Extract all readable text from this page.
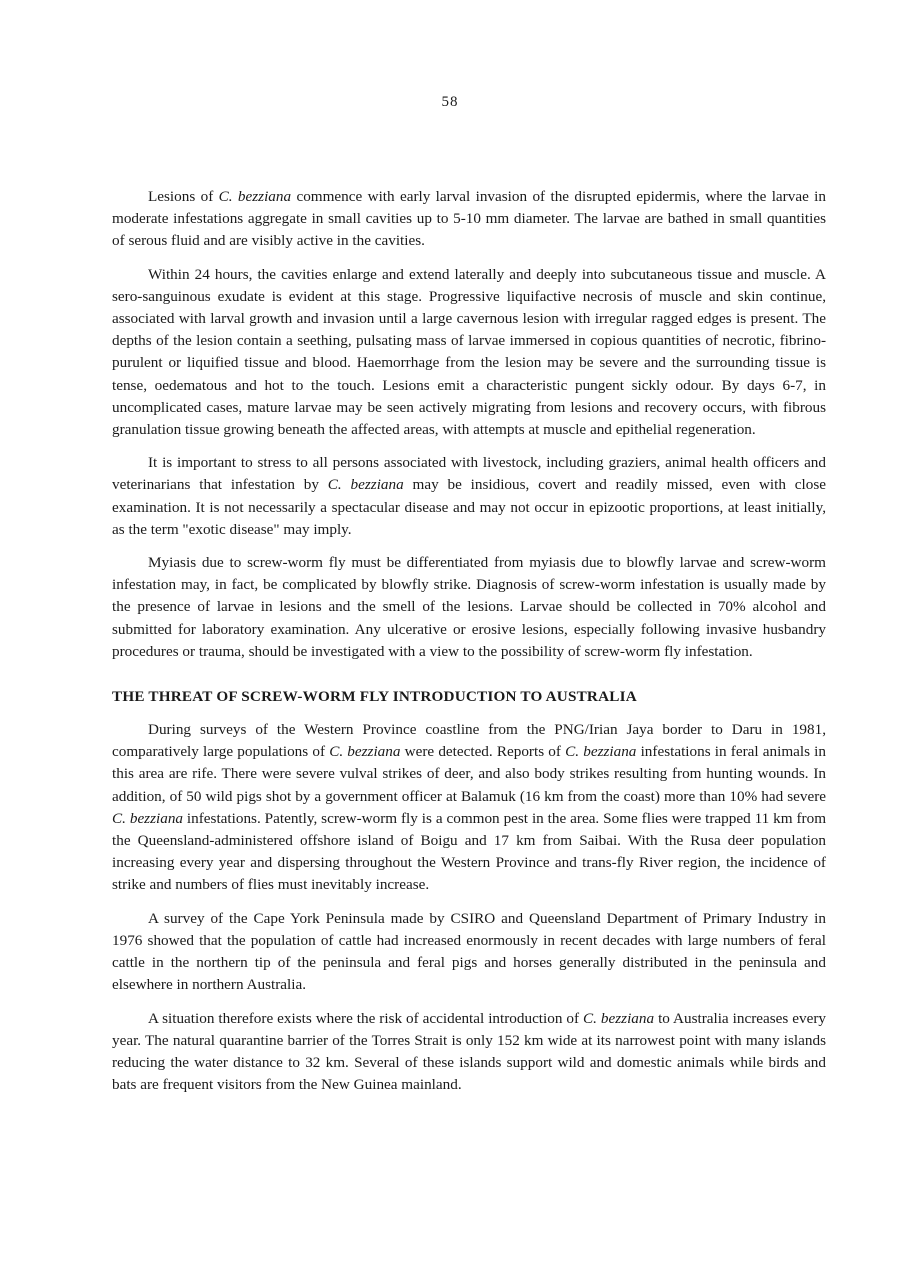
58

Lesions of C. bezziana commence with early larval invasion of the disrupted epidermis, where the larvae in moderate infestations aggregate in small cavities up to 5-10 mm diameter. The larvae are bathed in small quantities of serous fluid and are visibly active in the cavities.

Within 24 hours, the cavities enlarge and extend laterally and deeply into subcutaneous tissue and muscle. A sero-sanguinous exudate is evident at this stage. Progressive liquifactive necrosis of muscle and skin continue, associated with larval growth and invasion until a large cavernous lesion with irregular ragged edges is present. The depths of the lesion contain a seething, pulsating mass of larvae immersed in copious quantities of necrotic, fibrino-purulent or liquified tissue and blood. Haemorrhage from the lesion may be severe and the surrounding tissue is tense, oedematous and hot to the touch. Lesions emit a characteristic pungent sickly odour. By days 6-7, in uncomplicated cases, mature larvae may be seen actively migrating from lesions and recovery occurs, with fibrous granulation tissue growing beneath the affected areas, with attempts at muscle and epithelial regeneration.

It is important to stress to all persons associated with livestock, including graziers, animal health officers and veterinarians that infestation by C. bezziana may be insidious, covert and readily missed, even with close examination. It is not necessarily a spectacular disease and may not occur in epizootic proportions, at least initially, as the term "exotic disease" may imply.

Myiasis due to screw-worm fly must be differentiated from myiasis due to blowfly larvae and screw-worm infestation may, in fact, be complicated by blowfly strike. Diagnosis of screw-worm infestation is usually made by the presence of larvae in lesions and the smell of the lesions. Larvae should be collected in 70% alcohol and submitted for laboratory examination. Any ulcerative or erosive lesions, especially following invasive husbandry procedures or trauma, should be investigated with a view to the possibility of screw-worm fly infestation.

THE THREAT OF SCREW-WORM FLY INTRODUCTION TO AUSTRALIA

During surveys of the Western Province coastline from the PNG/Irian Jaya border to Daru in 1981, comparatively large populations of C. bezziana were detected. Reports of C. bezziana infestations in feral animals in this area are rife. There were severe vulval strikes of deer, and also body strikes resulting from hunting wounds. In addition, of 50 wild pigs shot by a government officer at Balamuk (16 km from the coast) more than 10% had severe C. bezziana infestations. Patently, screw-worm fly is a common pest in the area. Some flies were trapped 11 km from the Queensland-administered offshore island of Boigu and 17 km from Saibai. With the Rusa deer population increasing every year and dispersing throughout the Western Province and trans-fly River region, the incidence of strike and numbers of flies must inevitably increase.

A survey of the Cape York Peninsula made by CSIRO and Queensland Department of Primary Industry in 1976 showed that the population of cattle had increased enormously in recent decades with large numbers of feral cattle in the northern tip of the peninsula and feral pigs and horses generally distributed in the peninsula and elsewhere in northern Australia.

A situation therefore exists where the risk of accidental introduction of C. bezziana to Australia increases every year. The natural quarantine barrier of the Torres Strait is only 152 km wide at its narrowest point with many islands reducing the water distance to 32 km. Several of these islands support wild and domestic animals while birds and bats are frequent visitors from the New Guinea mainland.
